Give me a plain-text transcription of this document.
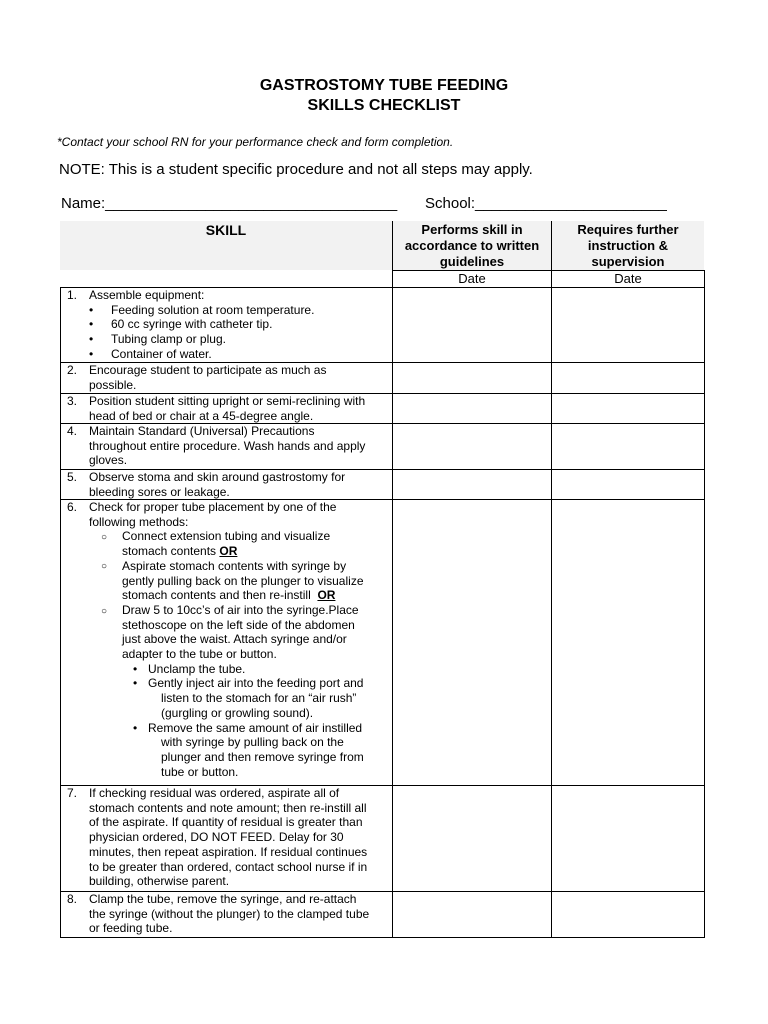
GASTROSTOMY TUBE FEEDING
SKILLS CHECKLIST
*Contact your school RN for your performance check and form completion.
NOTE: This is a student specific procedure and not all steps may apply.
Name:___________________________________ School:_______________________
SKILL	Performs skill in
accordance to written
guidelines
Requires further
instruction &
supervision
Date	Date
1. Assemble equipment:
• Feeding solution at room temperature.
• 60 cc syringe with catheter tip.
• Tubing clamp or plug.
• Container of water.
2. Encourage student to participate as much as
possible.
3. Position student sitting upright or semi-reclining with
head of bed or chair at a 45-degree angle.
4. Maintain Standard (Universal) Precautions
throughout entire procedure. Wash hands and apply
gloves.
5. Observe stoma and skin around gastrostomy for
bleeding sores or leakage.
6. Check for proper tube placement by one of the
following methods:
○ Connect extension tubing and visualize
stomach contents OR
○ Aspirate stomach contents with syringe by
gently pulling back on the plunger to visualize
stomach contents and then re-instill OR
○ Draw 5 to 10cc’s of air into the syringe.Place
stethoscope on the left side of the abdomen
just above the waist. Attach syringe and/or
adapter to the tube or button.
• Unclamp the tube.
• Gently inject air into the feeding port and
listen to the stomach for an “air rush”
(gurgling or growling sound).
• Remove the same amount of air instilled
with syringe by pulling back on the
plunger and then remove syringe from
tube or button.
7. If checking residual was ordered, aspirate all of
stomach contents and note amount; then re-instill all
of the aspirate. If quantity of residual is greater than
physician ordered, DO NOT FEED. Delay for 30
minutes, then repeat aspiration. If residual continues
to be greater than ordered, contact school nurse if in
building, otherwise parent.
8. Clamp the tube, remove the syringe, and re-attach
the syringe (without the plunger) to the clamped tube
or feeding tube.
